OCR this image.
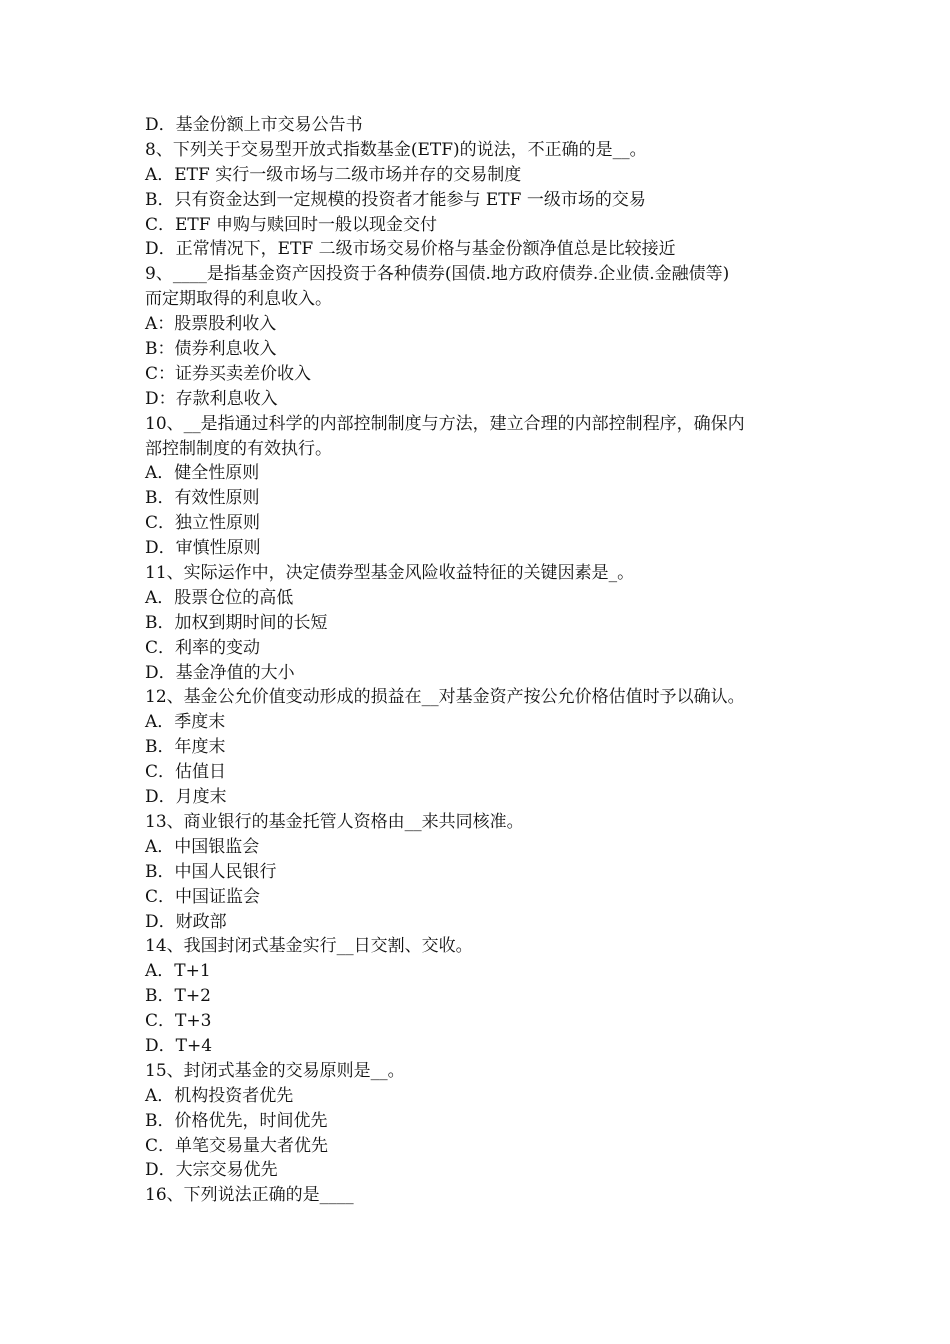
D．基金份额上市交易公告书
8、下列关于交易型开放式指数基金(ETF)的说法，不正确的是__。
A．ETF 实行一级市场与二级市场并存的交易制度
B．只有资金达到一定规模的投资者才能参与 ETF 一级市场的交易
C．ETF 申购与赎回时一般以现金交付
D．正常情况下，ETF 二级市场交易价格与基金份额净值总是比较接近
9、____是指基金资产因投资于各种债券(国债.地方政府债券.企业债.金融债等)
而定期取得的利息收入。
A：股票股利收入
B：债券利息收入
C：证券买卖差价收入
D：存款利息收入
10、__是指通过科学的内部控制制度与方法，建立合理的内部控制程序，确保内
部控制制度的有效执行。
A．健全性原则
B．有效性原则
C．独立性原则
D．审慎性原则
11、实际运作中，决定债券型基金风险收益特征的关键因素是_。
A．股票仓位的高低
B．加权到期时间的长短
C．利率的变动
D．基金净值的大小
12、基金公允价值变动形成的损益在__对基金资产按公允价格估值时予以确认。
A．季度末
B．年度末
C．估值日
D．月度末
13、商业银行的基金托管人资格由__来共同核准。
A．中国银监会
B．中国人民银行
C．中国证监会
D．财政部
14、我国封闭式基金实行__日交割、交收。
A．T+1
B．T+2
C．T+3
D．T+4
15、封闭式基金的交易原则是__。
A．机构投资者优先
B．价格优先，时间优先
C．单笔交易量大者优先
D．大宗交易优先
16、下列说法正确的是____
